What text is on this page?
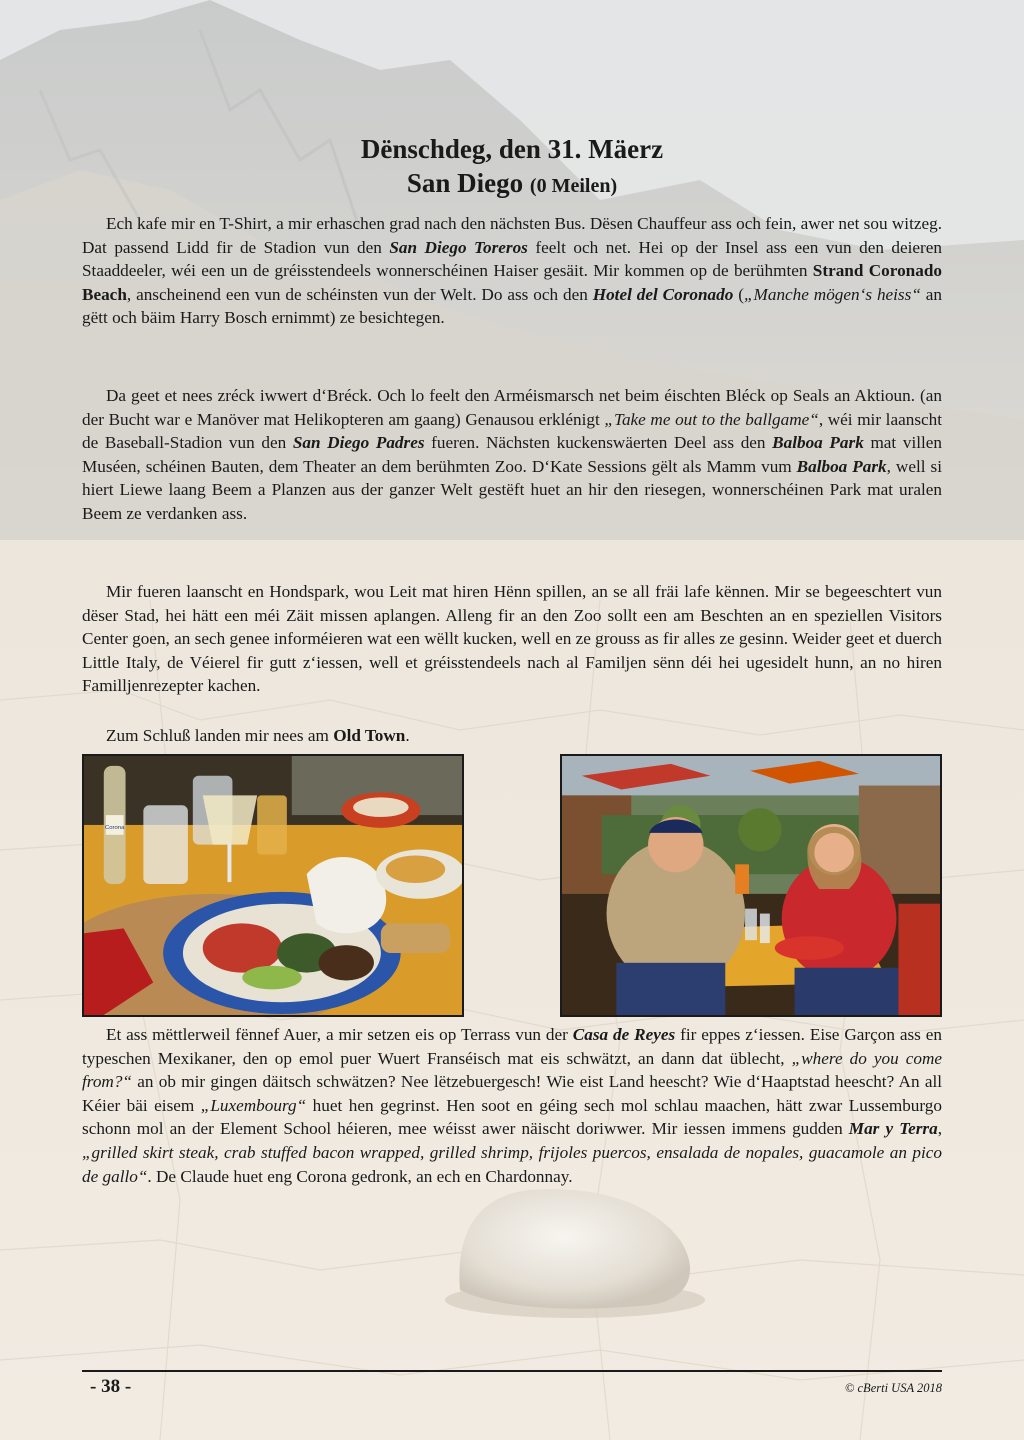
Dënschdeg, den 31. Mäerz
San Diego (0 Meilen)

Ech kafe mir en T-Shirt, a mir erhaschen grad nach den nächsten Bus. Dësen Chauffeur ass och fein, awer net sou witzeg. Dat passend Lidd fir de Stadion vun den San Diego Toreros feelt och net. Hei op der Insel ass een vun den deieren Staaddeeler, wéi een un de gréisstendeels wonnerschéinen Haiser gesäit. Mir kommen op de berühmten Strand Coronado Beach, anscheinend een vun de schéinsten vun der Welt. Do ass och den Hotel del Coronado („Manche mögen‘s heiss“ an gëtt och bäim Harry Bosch ernimmt) ze besichtegen.

Da geet et nees zréck iwwert d‘Bréck. Och lo feelt den Arméismarsch net beim éischten Bléck op Seals an Aktioun. (an der Bucht war e Manöver mat Helikopteren am gaang) Genausou erklénigt „Take me out to the ballgame“, wéi mir laanscht de Baseball-Stadion vun den San Diego Padres fueren. Nächsten kuckenswäerten Deel ass den Balboa Park mat villen Muséen, schéinen Bauten, dem Theater an dem berühmten Zoo. D‘Kate Sessions gëlt als Mamm vum Balboa Park, well si hiert Liewe laang Beem a Planzen aus der ganzer Welt gestëft huet an hir den riesegen, wonnerschéinen Park mat uralen Beem ze verdanken ass.

Mir fueren laanscht en Hondspark, wou Leit mat hiren Hënn spillen, an se all fräi lafe kënnen. Mir se begeeschtert vun dëser Stad, hei hätt een méi Zäit missen aplangen. Alleng fir an den Zoo sollt een am Beschten an en speziellen Visitors Center goen, an sech genee informéieren wat een wëllt kucken, well en ze grouss as fir alles ze gesinn. Weider geet et duerch Little Italy, de Véierel fir gutt z‘iessen, well et gréisstendeels nach al Familjen sënn déi hei ugesidelt hunn, an no hiren Familljenrezepter kachen.

Zum Schluß landen mir nees am Old Town.

Corona

Et ass mëttlerweil fënnef Auer, a mir setzen eis op Terrass vun der Casa de Reyes fir eppes z‘iessen. Eise Garçon ass en typeschen Mexikaner, den op emol puer Wuert Franséisch mat eis schwätzt, an dann dat üblecht, „where do you come from?“ an ob mir gingen däitsch schwätzen? Nee lëtzebuergesch! Wie eist Land heescht? Wie d‘Haaptstad heescht? An all Kéier bäi eisem „Luxembourg“ huet hen gegrinst. Hen soot en géing sech mol schlau maachen, hätt zwar Lussemburgo schonn mol an der Element School héieren, mee wéisst awer näischt doriwwer. Mir iessen immens gudden Mar y Terra, „grilled skirt steak, crab stuffed bacon wrapped, grilled shrimp, frijoles puercos, ensalada de nopales, guacamole an pico de gallo“. De Claude huet eng Corona gedronk, an ech en Chardonnay.

- 38 -	© cBerti USA 2018
